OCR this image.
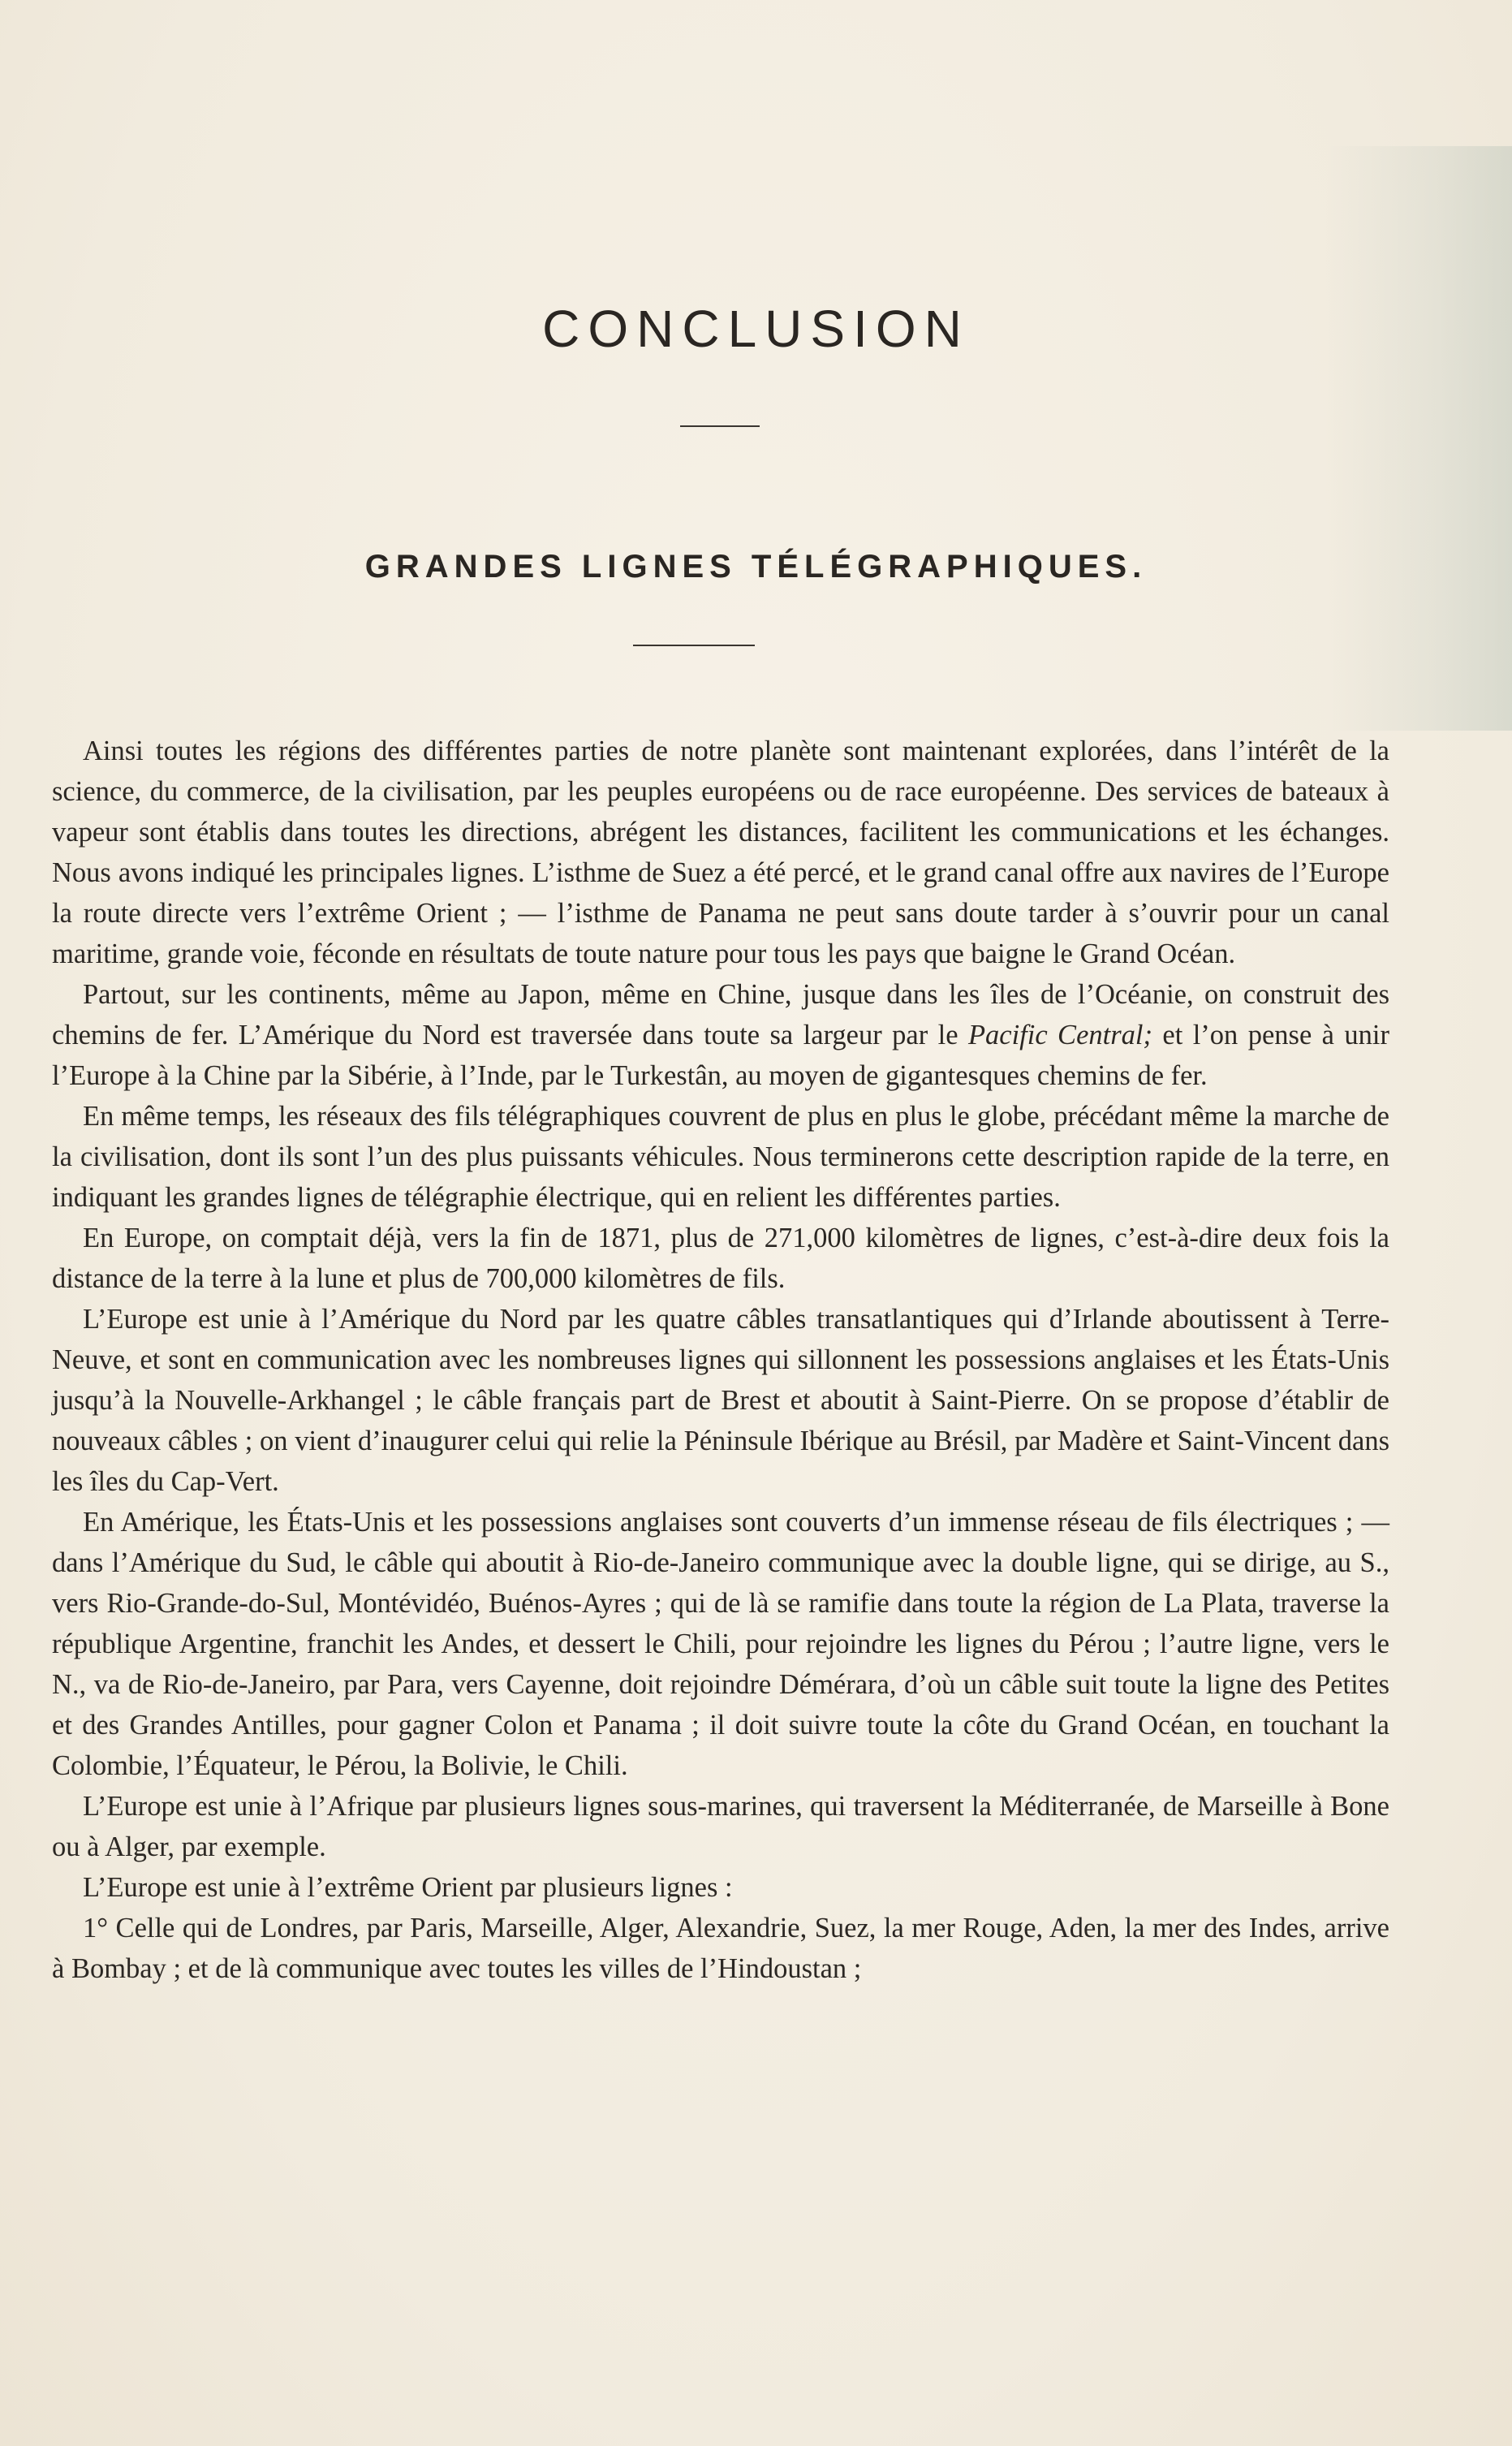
CONCLUSION
GRANDES LIGNES TÉLÉGRAPHIQUES.

Ainsi toutes les régions des différentes parties de notre planète sont maintenant explorées, dans l’intérêt de la science, du commerce, de la civilisation, par les peuples européens ou de race européenne. Des services de bateaux à vapeur sont établis dans toutes les directions, abrégent les distances, facilitent les communications et les échanges. Nous avons indiqué les principales lignes. L’isthme de Suez a été percé, et le grand canal offre aux navires de l’Europe la route directe vers l’extrême Orient ; — l’isthme de Panama ne peut sans doute tarder à s’ouvrir pour un canal maritime, grande voie, féconde en résultats de toute nature pour tous les pays que baigne le Grand Océan.

Partout, sur les continents, même au Japon, même en Chine, jusque dans les îles de l’Océanie, on construit des chemins de fer. L’Amérique du Nord est traversée dans toute sa largeur par le Pacific Central; et l’on pense à unir l’Europe à la Chine par la Sibérie, à l’Inde, par le Turkestân, au moyen de gigantesques chemins de fer.

En même temps, les réseaux des fils télégraphiques couvrent de plus en plus le globe, précédant même la marche de la civilisation, dont ils sont l’un des plus puissants véhicules. Nous terminerons cette description rapide de la terre, en indiquant les grandes lignes de télégraphie électrique, qui en relient les différentes parties.

En Europe, on comptait déjà, vers la fin de 1871, plus de 271,000 kilomètres de lignes, c’est-à-dire deux fois la distance de la terre à la lune et plus de 700,000 kilomètres de fils.

L’Europe est unie à l’Amérique du Nord par les quatre câbles transatlantiques qui d’Irlande aboutissent à Terre-Neuve, et sont en communication avec les nombreuses lignes qui sillonnent les possessions anglaises et les États-Unis jusqu’à la Nouvelle-Arkhangel ; le câble français part de Brest et aboutit à Saint-Pierre. On se propose d’établir de nouveaux câbles ; on vient d’inaugurer celui qui relie la Péninsule Ibérique au Brésil, par Madère et Saint-Vincent dans les îles du Cap-Vert.

En Amérique, les États-Unis et les possessions anglaises sont couverts d’un immense réseau de fils électriques ; — dans l’Amérique du Sud, le câble qui aboutit à Rio-de-Janeiro communique avec la double ligne, qui se dirige, au S., vers Rio-Grande-do-Sul, Montévidéo, Buénos-Ayres ; qui de là se ramifie dans toute la région de La Plata, traverse la république Argentine, franchit les Andes, et dessert le Chili, pour rejoindre les lignes du Pérou ; l’autre ligne, vers le N., va de Rio-de-Janeiro, par Para, vers Cayenne, doit rejoindre Démérara, d’où un câble suit toute la ligne des Petites et des Grandes Antilles, pour gagner Colon et Panama ; il doit suivre toute la côte du Grand Océan, en touchant la Colombie, l’Équateur, le Pérou, la Bolivie, le Chili.

L’Europe est unie à l’Afrique par plusieurs lignes sous-marines, qui traversent la Méditerranée, de Marseille à Bone ou à Alger, par exemple.

L’Europe est unie à l’extrême Orient par plusieurs lignes :

1° Celle qui de Londres, par Paris, Marseille, Alger, Alexandrie, Suez, la mer Rouge, Aden, la mer des Indes, arrive à Bombay ; et de là communique avec toutes les villes de l’Hindoustan ;
